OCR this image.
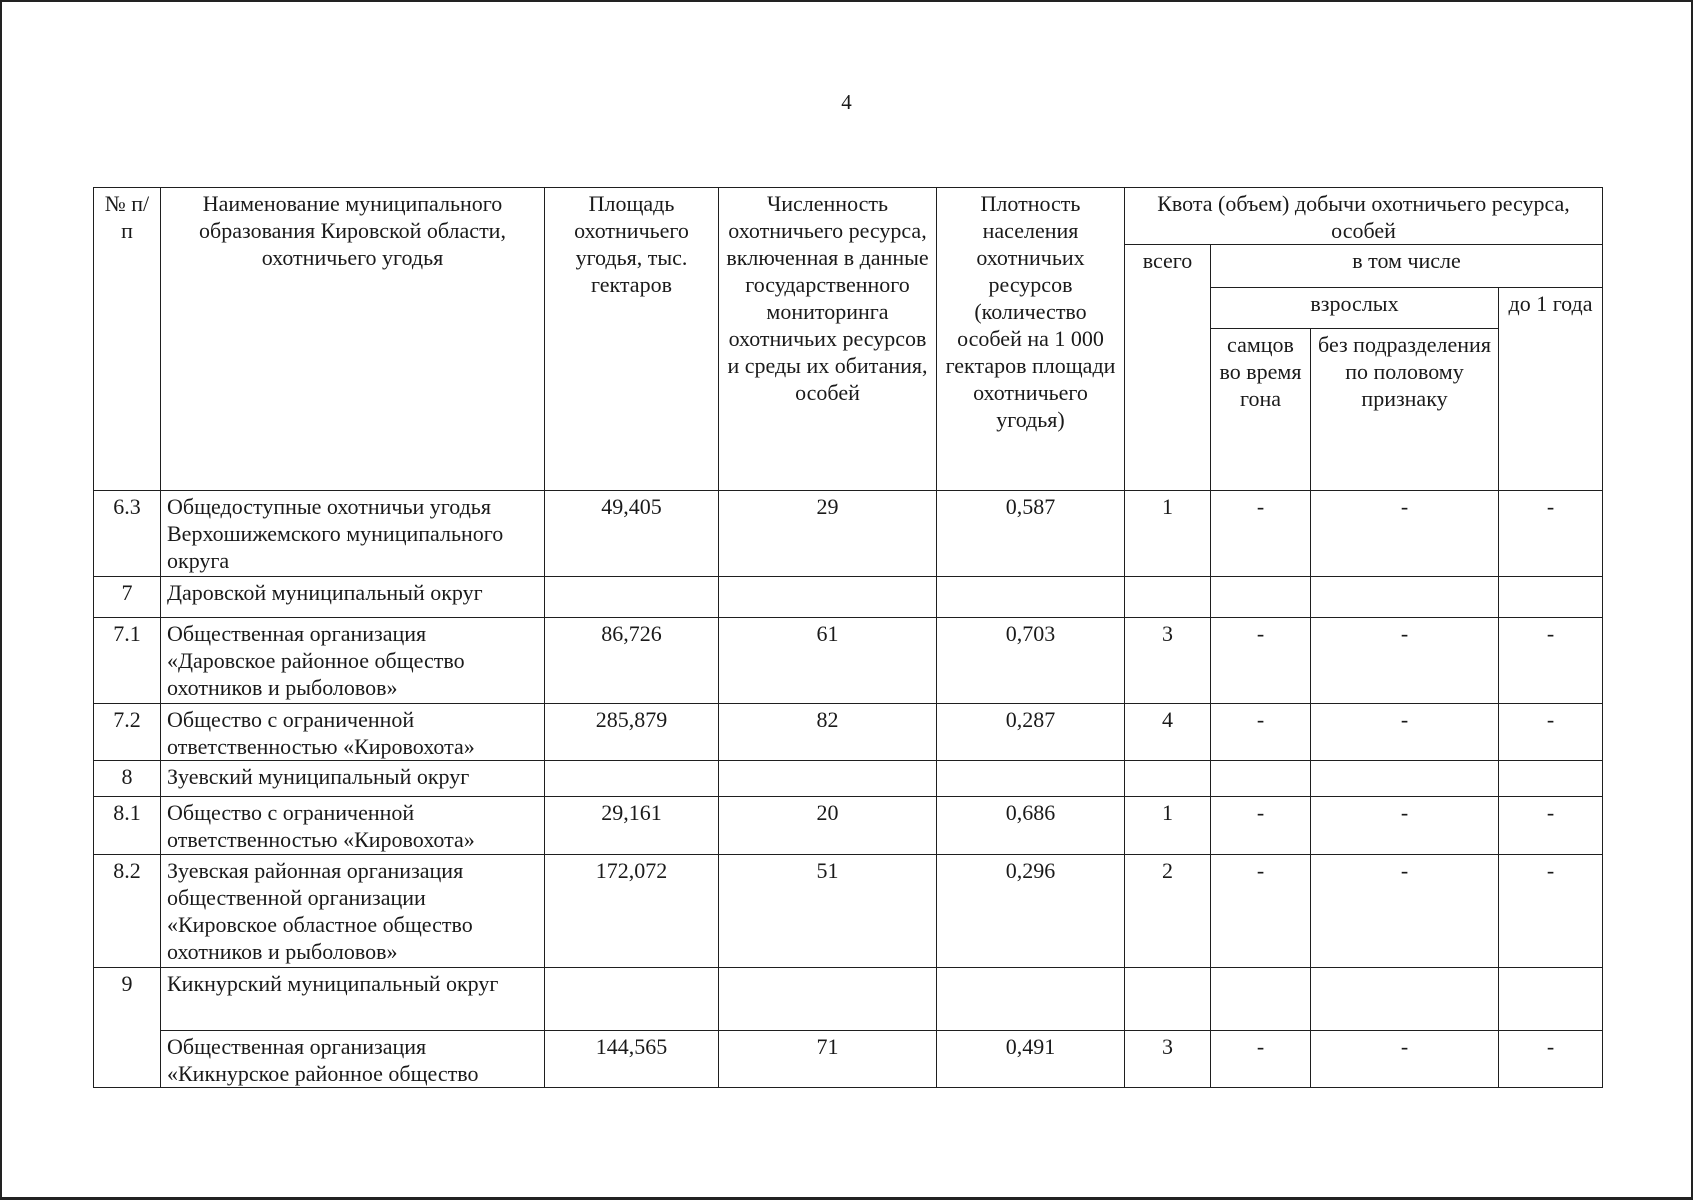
4
№ п/п	Наименование муниципального образования Кировской области, охотничьего угодья	Площадь охотничьего угодья, тыс. гектаров	Численность охотничьего ресурса, включенная в данные государственного мониторинга охотничьих ресурсов и среды их обитания, особей	Плотность населения охотничьих ресурсов (количество особей на 1 000 гектаров площади охотничьего угодья)	Квота (объем) добычи охотничьего ресурса, особей			
					всего	в том числе		
						взрослых		до 1 года
						самцов во время гона	без подразделения по половому признаку	
6.3	Общедоступные охотничьи угодья Верхошижемского муниципального округа	49,405	29	0,587	1	-	-	-
7	Даровской муниципальный округ							
7.1	Общественная организация «Даровское районное общество охотников и рыболовов»	86,726	61	0,703	3	-	-	-
7.2	Общество с ограниченной ответственностью «Кировохота»	285,879	82	0,287	4	-	-	-
8	Зуевский муниципальный округ							
8.1	Общество с ограниченной ответственностью «Кировохота»	29,161	20	0,686	1	-	-	-
8.2	Зуевская районная организация общественной организации «Кировское областное общество охотников и рыболовов»	172,072	51	0,296	2	-	-	-
9	Кикнурский муниципальный округ							
	Общественная организация «Кикнурское районное общество	144,565	71	0,491	3	-	-	-
